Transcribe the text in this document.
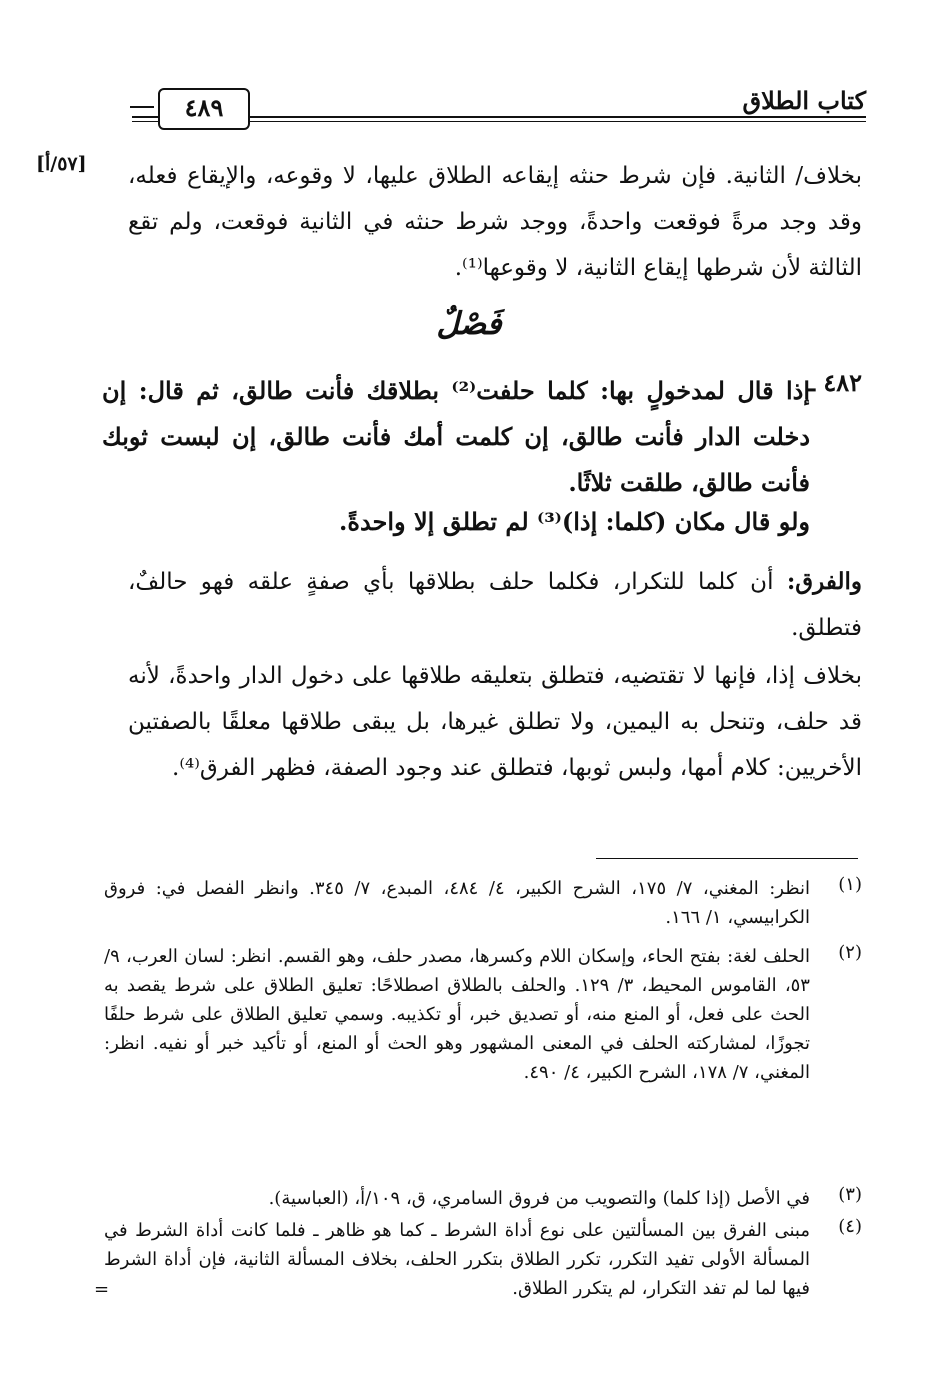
كتاب الطلاق
٤٨٩
[٥٧/أ] بخلاف/ الثانية. فإن شرط حنثه إيقاعه الطلاق عليها، لا وقوعه، والإيقاع فعله، وقد وجد مرةً فوقعت واحدةً، ووجد شرط حنثه في الثانية فوقعت، ولم تقع الثالثة لأن شرطها إيقاع الثانية، لا وقوعها⁽¹⁾.
فَصْلٌ
٤٨٢ ـ
إذا قال لمدخولٍ بها: كلما حلفت⁽²⁾ بطلاقك فأنت طالق، ثم قال: إن دخلت الدار فأنت طالق، إن كلمت أمك فأنت طالق، إن لبست ثوبك فأنت طالق، طلقت ثلاثًا.
ولو قال مكان (كلما: إذا)⁽³⁾ لم تطلق إلا واحدةً.
والفرق: أن كلما للتكرار، فكلما حلف بطلاقها بأي صفةٍ علقه فهو حالفٌ، فتطلق.
بخلاف إذا، فإنها لا تقتضيه، فتطلق بتعليقه طلاقها على دخول الدار واحدةً، لأنه قد حلف، وتنحل به اليمين، ولا تطلق غيرها، بل يبقى طلاقها معلقًا بالصفتين الأخريين: كلام أمها، ولبس ثوبها، فتطلق عند وجود الصفة، فظهر الفرق⁽⁴⁾.
(١)
انظر: المغني، ٧/ ١٧٥، الشرح الكبير، ٤/ ٤٨٤، المبدع، ٧/ ٣٤٥. وانظر الفصل في: فروق الكرابيسي، ١/ ١٦٦.
(٢)
الحلف لغة: بفتح الحاء، وإسكان اللام وكسرها، مصدر حلف، وهو القسم. انظر: لسان العرب، ٩/ ٥٣، القاموس المحيط، ٣/ ١٢٩. والحلف بالطلاق اصطلاحًا: تعليق الطلاق على شرط يقصد به الحث على فعل، أو المنع منه، أو تصديق خبر، أو تكذيبه. وسمي تعليق الطلاق على شرط حلفًا تجوزًا، لمشاركته الحلف في المعنى المشهور وهو الحث أو المنع، أو تأكيد خبر أو نفيه. انظر: المغني، ٧/ ١٧٨، الشرح الكبير، ٤/ ٤٩٠.
(٣)
في الأصل (إذا كلما) والتصويب من فروق السامري، ق، ١٠٩/أ، (العباسية).
(٤)
مبنى الفرق بين المسألتين على نوع أداة الشرط ـ كما هو ظاهر ـ فلما كانت أداة الشرط في المسألة الأولى تفيد التكرر، تكرر الطلاق بتكرر الحلف، بخلاف المسألة الثانية، فإن أداة الشرط فيها لما لم تفد التكرار، لم يتكرر الطلاق.
=
